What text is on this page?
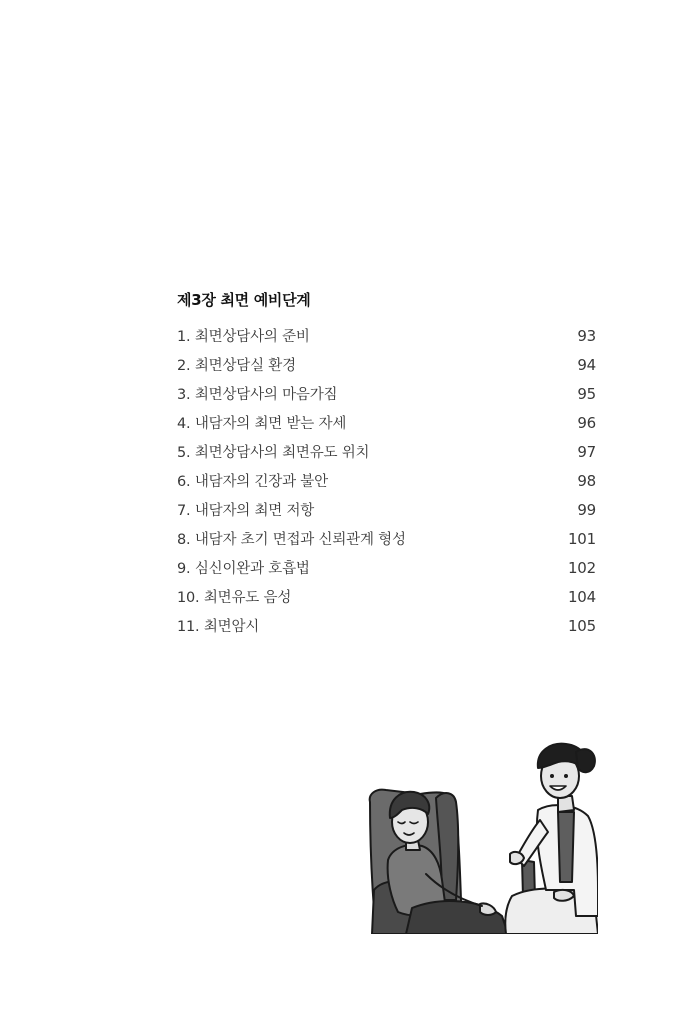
제3장 최면 예비단계
1. 최면상담사의 준비	93
2. 최면상담실 환경	94
3. 최면상담사의 마음가짐	95
4. 내담자의 최면 받는 자세	96
5. 최면상담사의 최면유도 위치	97
6. 내담자의 긴장과 불안	98
7. 내담자의 최면 저항	99
8. 내담자 초기 면접과 신뢰관계 형성	101
9. 심신이완과 호흡법	102
10. 최면유도 음성	104
11. 최면암시	105
